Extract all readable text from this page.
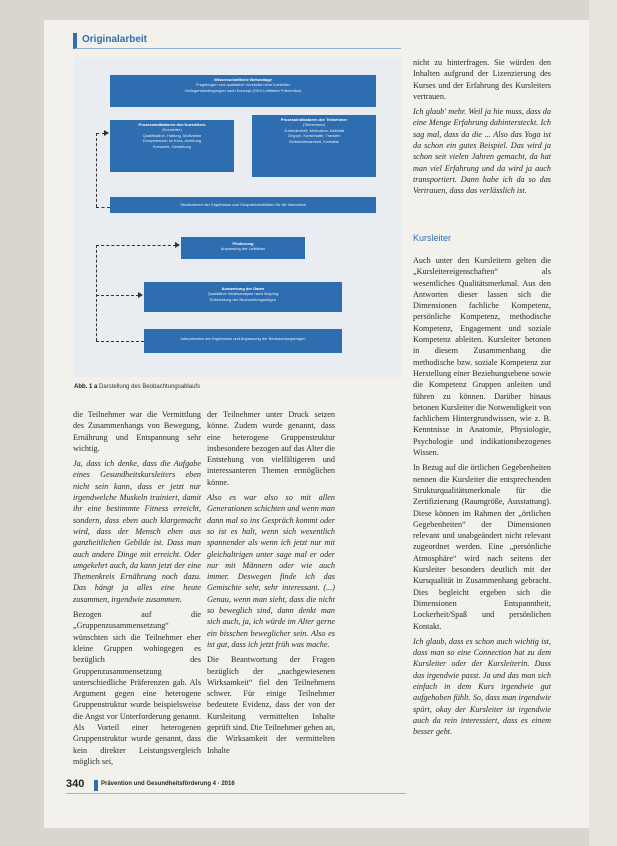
Originalarbeit
Wissenschaftliche Befundlage
Fragebogen und qualitative Vorstudie beim Kursleiter
Gelingensbedingungen nach Konzept (GKV-Leitfaden Prävention)
Prozessindikatoren des Kursleiters
(Kursleiter)
Qualifikation, Haltung, Motivation
Kompetenzen im Kurs, Anleitung
Kursziele, Gestaltung
Prozessindikatoren der Teilnehmer
(Teilnehmer)
Zufriedenheit, Motivation, Aktivität
Gruppe, Kursinhalte, Transfer
Selbstwirksamkeit, Kontakte
Strukturieren der Ergebnisse und Gesprächsleitfäden für die Interviews
Pilotierung
Anpassung der Leitfäden
Auswertung der Daten
Qualitative Inhaltsanalyse nach Mayring
Entwicklung der Beobachtungsbögen
Interpretation der Ergebnisse und Anpassung der Beobachtungsbögen
Abb. 1 a Darstellung des Beobachtungsablaufs

die Teilnehmer war die Vermittlung des Zusammenhangs von Bewegung, Ernährung und Entspannung sehr wichtig.

Ja, dass ich denke, dass die Aufgabe eines Gesundheitskursleiters eben nicht sein kann, dass er jetzt nur irgendwelche Muskeln trainiert, damit ihr eine bestimmte Fitness erreicht, sondern, dass eben auch klargemacht wird, dass der Mensch eben aus ganzheitlichen Gebilde ist. Dass man auch andere Dinge mit erreicht. Oder umgekehrt auch, da kann jetzt der eine Themenkreis Ernährung noch dazu. Das hängt ja alles eine heute zusammen, irgendwie zusammen.

Bezogen auf die „Gruppenzusammensetzung“ wünschten sich die Teilnehmer eher kleine Gruppen wohingegen es bezüglich des Gruppenzusammensetzung unterschiedliche Präferenzen gab. Als Argument gegen eine heterogene Gruppenstruktur wurde beispielsweise die Angst vor Unterforderung genannt. Als Vorteil einer heterogenen Gruppenstruktur wurde genannt, dass kein direkter Leistungsvergleich möglich sei,

der Teilnehmer unter Druck setzen könne. Zudem wurde genannt, dass eine heterogene Gruppenstruktur insbesondere bezogen auf das Alter die Entstehung von vielfältigeren und interessanteren Themen ermöglichen könne.

Also es war also so mit allen Generationen schichten und wenn man dann mal so ins Gespräch kommt oder so ist es halt, wenn sich wesentlich spannender als wenn ich jetzt nur mit gleichaltrigen unter sage mal er oder nur mit Männern oder wie auch immer. Deswegen finde ich das Gemischte sehr, sehr interessant. (...) Genau, wenn man sieht, dass die nicht so beweglich sind, dann denkt man sich auch, ja, ich würde im Alter gerne ein bisschen beweglicher sein. Also es ist gut, dass ich jetzt früh was mache.

Die Beantwortung der Fragen bezüglich der „nachgewiesenen Wirksamkeit“ fiel den Teilnehmern schwer. Für einige Teilnehmer bedeutete Evidenz, dass der von der Kursleitung vermittelten Inhalte geprüft sind. Die Teilnehmer gehen an, die Wirksamkeit der vermittelten Inhalte

nicht zu hinterfragen. Sie würden den Inhalten aufgrund der Lizenzierung des Kurses und der Erfahrung des Kursleiters vertrauen.

Ich glaub' mehr. Weil ja hie muss, dass da eine Menge Erfahrung dahintersteckt. Ich sag mal, dass da die ... Also das Yoga ist da schon ein gutes Beispiel. Das wird ja schon seit vielen Jahren gemacht, da hat man viel Erfahrung und da wird ja auch transportiert. Dann habe ich da so das Vertrauen, dass das verlässlich ist.

Kursleiter

Auch unter den Kursleitern gelten die „Kursleitereigenschaften“ als wesentliches Qualitätsmerkmal. Aus den Antworten dieser lassen sich die Dimensionen fachliche Kompetenz, persönliche Kompetenz, methodische Kompetenz, Engagement und soziale Kompetenz ableiten. Kursleiter betonen in diesem Zusammenhang die methodische bzw. soziale Kompetenz zur Herstellung einer Beziehungsebene sowie die Kompetenz Gruppen anleiten und führen zu können. Darüber hinaus betonen Kursleiter die Notwendigkeit von fachlichem Hintergrundwissen, wie z. B. Kenntnisse in Anatomie, Physiologie, Psychologie und indikationsbezogenes Wissen.

In Bezug auf die örtlichen Gegebenheiten nennen die Kursleiter die entsprechenden Strukturqualitätsmerkmale für die Zertifizierung (Raumgröße, Ausstattung). Diese können im Rahmen der „örtlichen Gegebenheiten“ der Dimensionen relevant und unabgeändert nicht relevant zugeordnet werden. Eine „persönliche Atmosphäre“ wird nach seitens der Kursleiter besonders deutlich mit der Kursqualität in Zusammenhang gebracht. Dies begleicht ergeben sich die Dimensionen Entspanntheit, Lockerheit/Spaß und persönlichen Kontakt.

Ich glaub, dass es schon auch wichtig ist, dass man so eine Connection hat zu dem Kursleiter oder der Kursleiterin. Dass das irgendwie passt. Ja und das man sich einfach in dem Kurs irgendwie gut aufgehoben fühlt. So, dass man irgendwie spürt, okay der Kursleiter ist irgendwie auch da rein interessiert, dass es einem besser geht.

340	Prävention und Gesundheitsförderung 4 · 2016
